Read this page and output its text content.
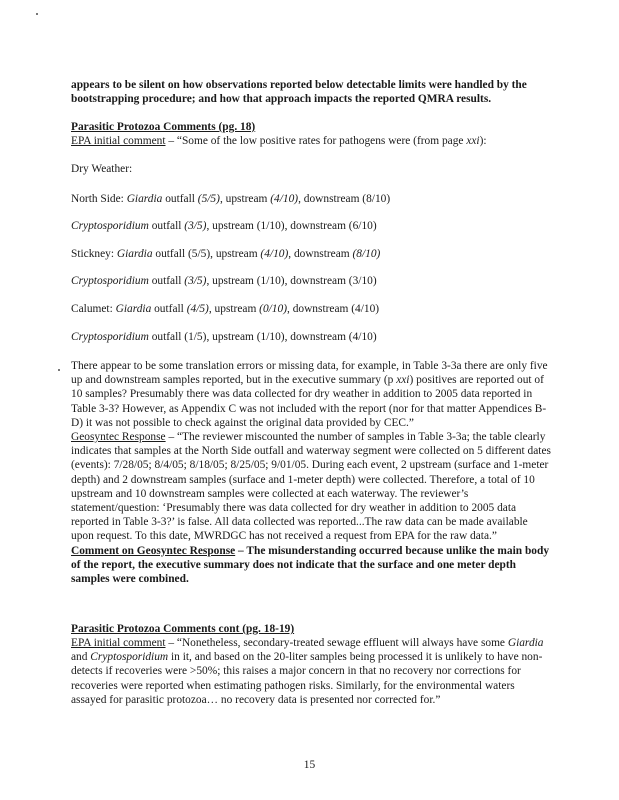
appears to be silent on how observations reported below detectable limits were handled by the bootstrapping procedure; and how that approach impacts the reported QMRA results.

Parasitic Protozoa Comments (pg. 18)

EPA initial comment – “Some of the low positive rates for pathogens were (from page xxi):

Dry Weather:

North Side: Giardia outfall (5/5), upstream (4/10), downstream (8/10)

Cryptosporidium outfall (3/5), upstream (1/10), downstream (6/10)

Stickney: Giardia outfall (5/5), upstream (4/10), downstream (8/10)

Cryptosporidium outfall (3/5), upstream (1/10), downstream (3/10)

Calumet: Giardia outfall (4/5), upstream (0/10), downstream (4/10)

Cryptosporidium outfall (1/5), upstream (1/10), downstream (4/10)

There appear to be some translation errors or missing data, for example, in Table 3-3a there are only five up and downstream samples reported, but in the executive summary (p xxi) positives are reported out of 10 samples? Presumably there was data collected for dry weather in addition to 2005 data reported in Table 3-3? However, as Appendix C was not included with the report (nor for that matter Appendices B-D) it was not possible to check against the original data provided by CEC.”
Geosyntec Response – “The reviewer miscounted the number of samples in Table 3-3a; the table clearly indicates that samples at the North Side outfall and waterway segment were collected on 5 different dates (events): 7/28/05; 8/4/05; 8/18/05; 8/25/05; 9/01/05. During each event, 2 upstream (surface and 1-meter depth) and 2 downstream samples (surface and 1-meter depth) were collected. Therefore, a total of 10 upstream and 10 downstream samples were collected at each waterway. The reviewer’s statement/question: ‘Presumably there was data collected for dry weather in addition to 2005 data reported in Table 3-3?’ is false. All data collected was reported...The raw data can be made available upon request. To this date, MWRDGC has not received a request from EPA for the raw data.”
Comment on Geosyntec Response – The misunderstanding occurred because unlike the main body of the report, the executive summary does not indicate that the surface and one meter depth samples were combined.

Parasitic Protozoa Comments cont (pg. 18-19)

EPA initial comment – “Nonetheless, secondary-treated sewage effluent will always have some Giardia and Cryptosporidium in it, and based on the 20-liter samples being processed it is unlikely to have non-detects if recoveries were >50%; this raises a major concern in that no recovery nor corrections for recoveries were reported when estimating pathogen risks. Similarly, for the environmental waters assayed for parasitic protozoa… no recovery data is presented nor corrected for.”

15
